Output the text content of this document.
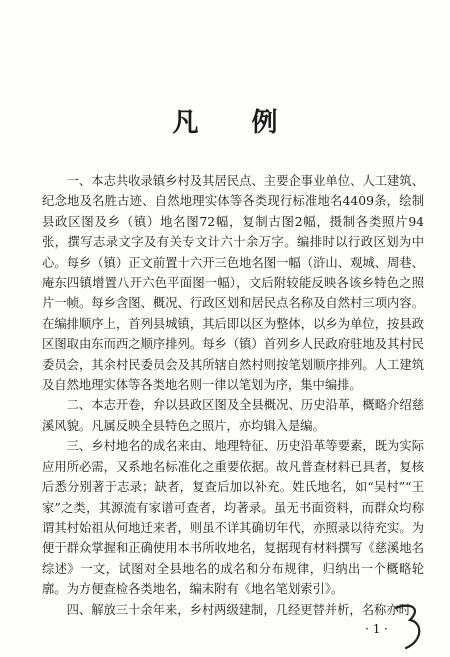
凡 例

一、本志共收录镇乡村及其居民点、主要企事业单位、人工建筑、纪念地及名胜古迹、自然地理实体等各类现行标准地名4409条，绘制县政区图及乡（镇）地名图72幅，复制古图2幅，摄制各类照片94张，撰写志录文字及有关专文计六十余万字。编排时以行政区划为中心。每乡（镇）正文前置十六开三色地名图一幅（浒山、观城、周巷、庵东四镇增置八开六色平面图一幅），文后附较能反映各该乡特色之照片一帧。每乡含图、概况、行政区划和居民点名称及自然村三项内容。在编排顺序上，首列县城镇，其后即以区为整体，以乡为单位，按县政区图取由东而西之顺序排列。每乡（镇）首列乡人民政府驻地及其村民委员会，其余村民委员会及其所辖自然村则按笔划顺序排列。人工建筑及自然地理实体等各类地名则一律以笔划为序，集中编排。

二、本志开卷，弁以县政区图及全县概况、历史沿革，概略介绍慈溪风貌。凡属反映全县特色之照片，亦均辑入是编。

三、乡村地名的成名来由、地理特征、历史沿革等要素，既为实际应用所必需，又系地名标准化之重要依据。故凡普查材料已具者，复核后悉分别著于志录；缺者，复查后加以补充。姓氏地名，如“吴村”“王家”之类，其源流有家谱可查者，均著录。虽无书面资料，而群众均称谓其村始祖从何地迁来者，则虽不详其确切年代，亦照录以待充实。为便于群众掌握和正确使用本书所收地名，复据现有材料撰写《慈溪地名综述》一文，试图对全县地名的成名和分布规律，归纳出一个概略轮廓。为方便查检各类地名，编末附有《地名笔划索引》。

四、解放三十余年来，乡村两级建制，几经更替并析，名称亦时

· 1 ·
